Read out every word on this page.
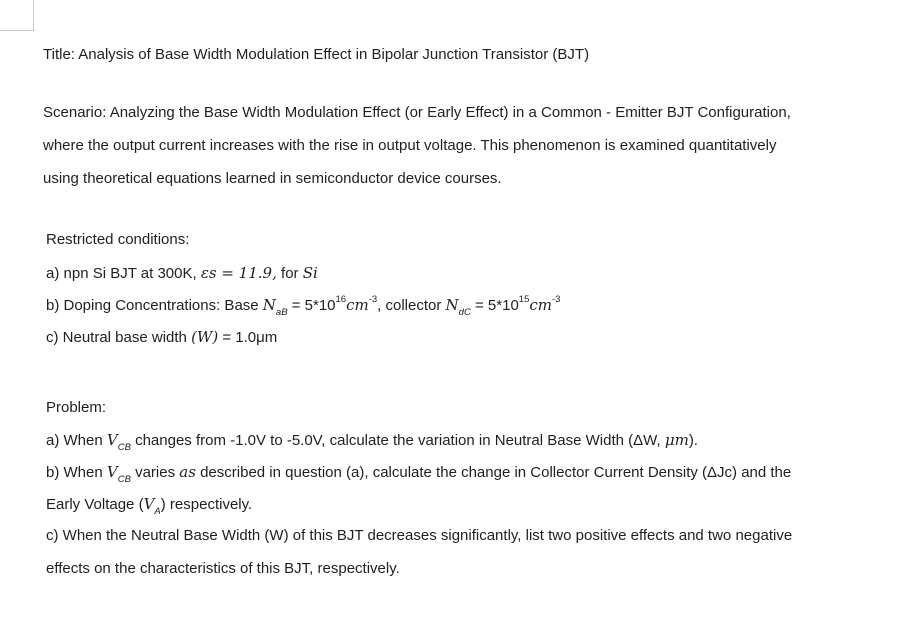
Title: Analysis of Base Width Modulation Effect in Bipolar Junction Transistor (BJT)
Scenario: Analyzing the Base Width Modulation Effect (or Early Effect) in a Common - Emitter BJT Configuration,
where the output current increases with the rise in output voltage. This phenomenon is examined quantitatively
using theoretical equations learned in semiconductor device courses.
Restricted conditions:
a) npn Si BJT at 300K, εs = 11.9, for Si
b) Doping Concentrations: Base $N_{aB} = 5*10^{16}cm^{-3}$, collector $N_{dC} = 5*10^{15}cm^{-3}$
c) Neutral base width (W) = 1.0μm
Problem:
a) When $V_{CB}$ changes from -1.0V to -5.0V, calculate the variation in Neutral Base Width (ΔW, μm).
b) When $V_{CB}$ varies as described in question (a), calculate the change in Collector Current Density (ΔJc) and the
Early Voltage $(V_A)$ respectively.
c) When the Neutral Base Width (W) of this BJT decreases significantly, list two positive effects and two negative
effects on the characteristics of this BJT, respectively.
